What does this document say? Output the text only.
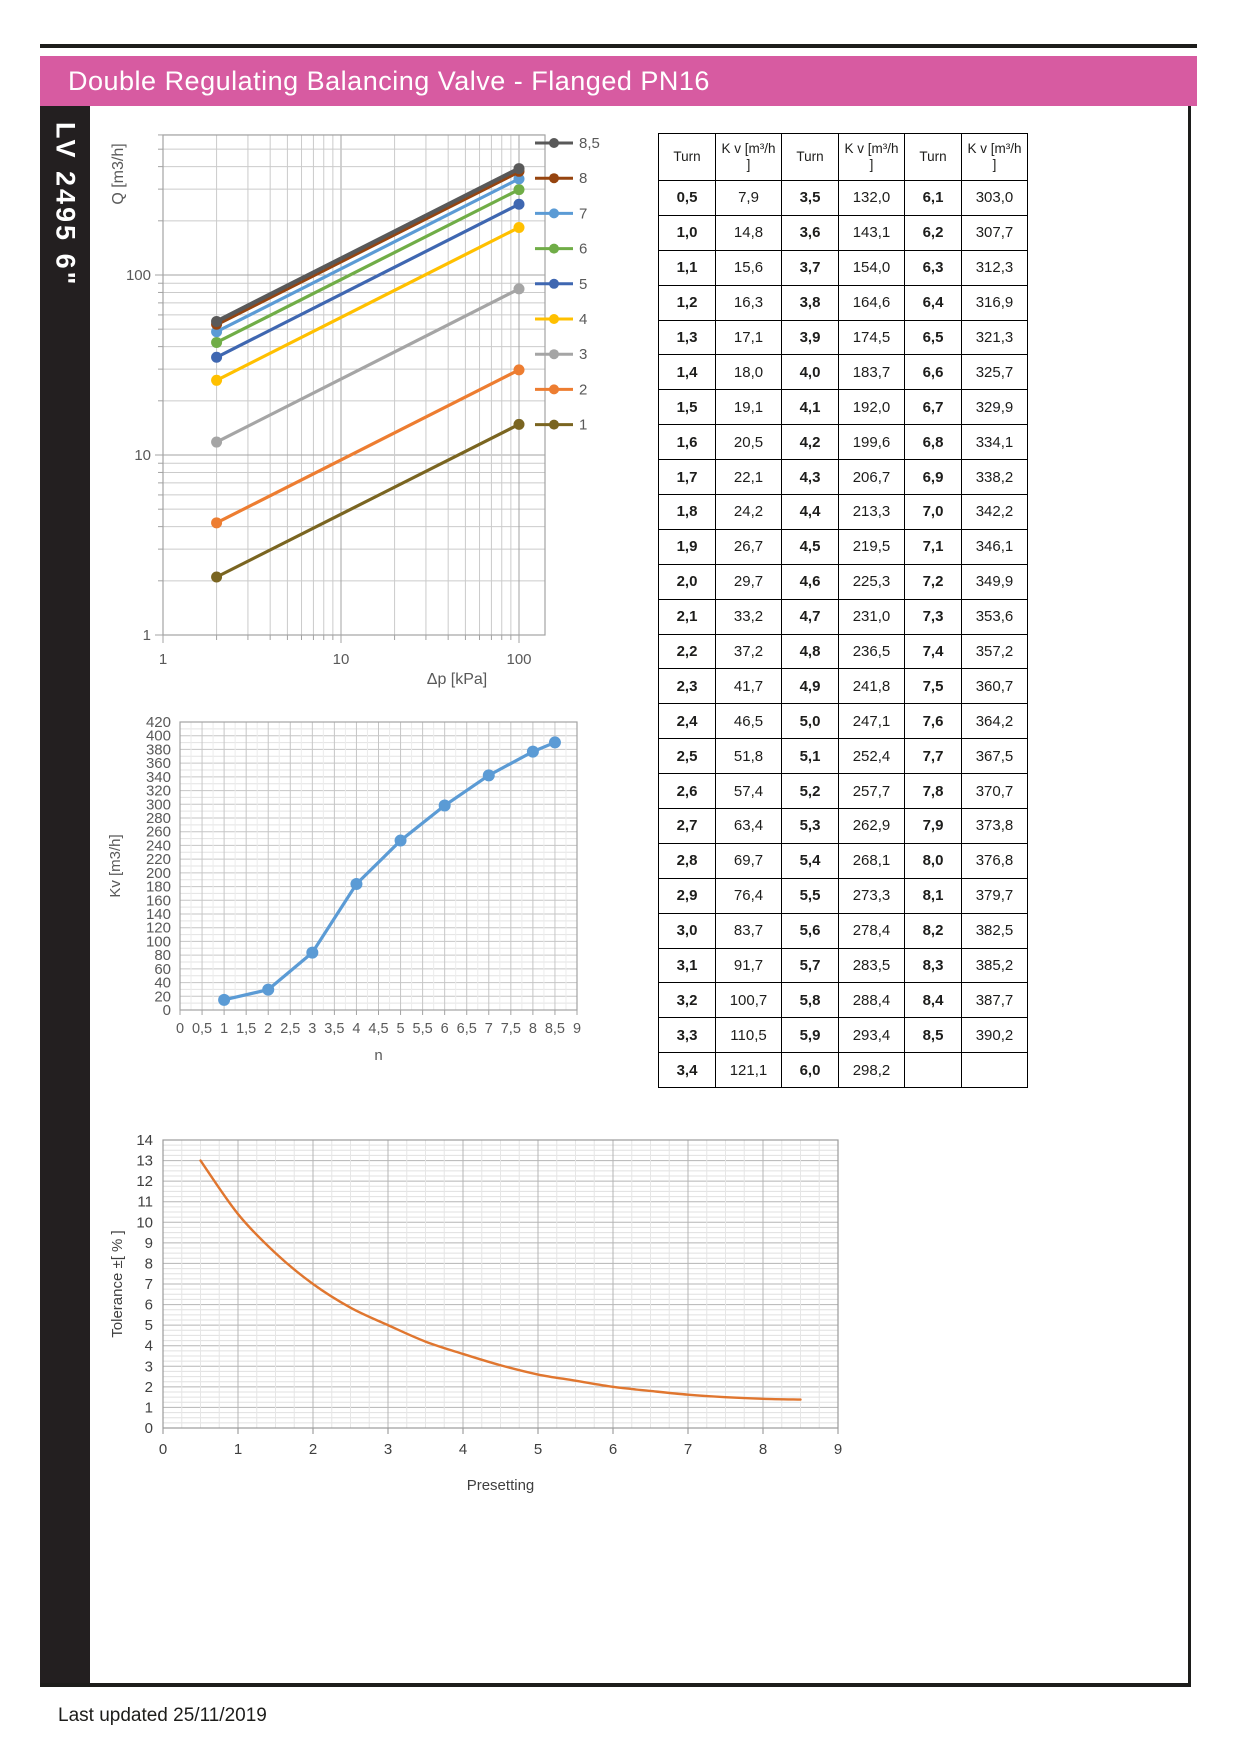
Double Regulating Balancing Valve - Flanged PN16
LV 2495 6"
Last updated 25/11/2019
1	10	100
1
10
100
Δp [kPa]
Q [m3/h]	8,5
8
7
6
5
4
3
2
1
0
20
40
60
80
100
120
140
160
180
200
220
240
260
280
300
320
340
360
380
400
420
0 0,5 1 1,5 2 2,5 3 3,5 4 4,5 5 5,5 6 6,5 7 7,5 8 8,5 9
n
Kv [m3/h]
0
1
2
3
4
5
6
7
8
9
10
11
12
13
14
0	1	2	3	4	5	6	7	8	9
Presetting
Tolerance ±[ % ]
Turn	K v [m³/h ]	Turn	K v [m³/h ]	Turn	K v [m³/h ]
0,5	7,9	3,5	132,0	6,1	303,0
1,0	14,8	3,6	143,1	6,2	307,7
1,1	15,6	3,7	154,0	6,3	312,3
1,2	16,3	3,8	164,6	6,4	316,9
1,3	17,1	3,9	174,5	6,5	321,3
1,4	18,0	4,0	183,7	6,6	325,7
1,5	19,1	4,1	192,0	6,7	329,9
1,6	20,5	4,2	199,6	6,8	334,1
1,7	22,1	4,3	206,7	6,9	338,2
1,8	24,2	4,4	213,3	7,0	342,2
1,9	26,7	4,5	219,5	7,1	346,1
2,0	29,7	4,6	225,3	7,2	349,9
2,1	33,2	4,7	231,0	7,3	353,6
2,2	37,2	4,8	236,5	7,4	357,2
2,3	41,7	4,9	241,8	7,5	360,7
2,4	46,5	5,0	247,1	7,6	364,2
2,5	51,8	5,1	252,4	7,7	367,5
2,6	57,4	5,2	257,7	7,8	370,7
2,7	63,4	5,3	262,9	7,9	373,8
2,8	69,7	5,4	268,1	8,0	376,8
2,9	76,4	5,5	273,3	8,1	379,7
3,0	83,7	5,6	278,4	8,2	382,5
3,1	91,7	5,7	283,5	8,3	385,2
3,2	100,7	5,8	288,4	8,4	387,7
3,3	110,5	5,9	293,4	8,5	390,2
3,4	121,1	6,0	298,2		
